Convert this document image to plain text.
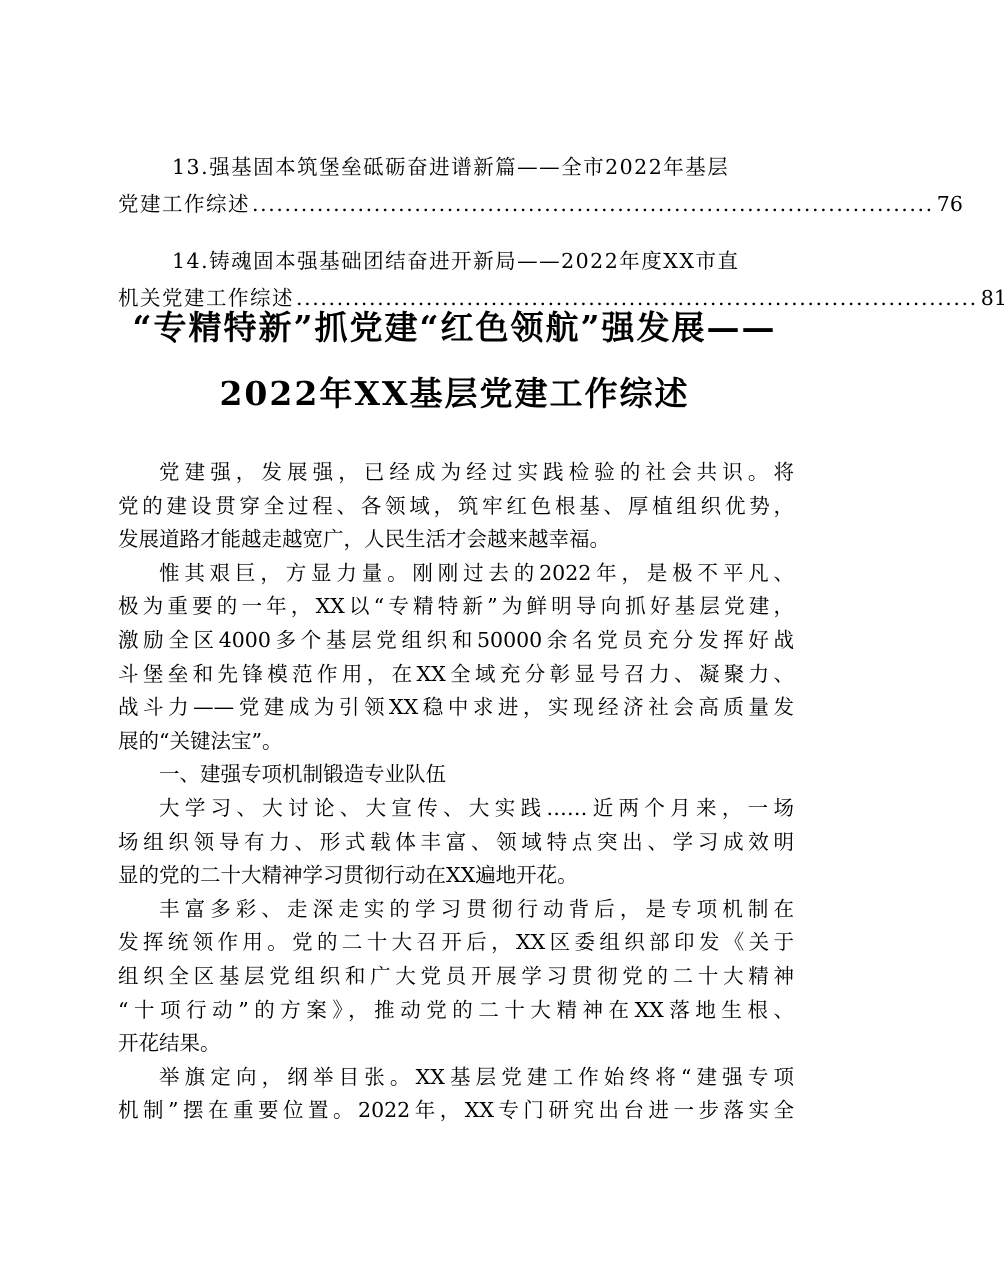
13.强基固本筑堡垒砥砺奋进谱新篇——全市2022年基层
党建工作综述 .................................................................................... 76
14.铸魂固本强基础团结奋进开新局——2022年度XX市直
机关党建工作综述 .................................................................................... 81
“专精特新”抓党建“红色领航”强发展——
2022年XX基层党建工作综述

党建强，发展强，已经成为经过实践检验的社会共识。将

党的建设贯穿全过程、各领域，筑牢红色根基、厚植组织优势，

发展道路才能越走越宽广，人民生活才会越来越幸福。

惟其艰巨，方显力量。刚刚过去的2022年，是极不平凡、

极为重要的一年，XX以“专精特新”为鲜明导向抓好基层党建，

激励全区4000多个基层党组织和50000余名党员充分发挥好战

斗堡垒和先锋模范作用，在XX全域充分彰显号召力、凝聚力、

战斗力——党建成为引领XX稳中求进，实现经济社会高质量发

展的“关键法宝”。

一、建强专项机制锻造专业队伍

大学习、大讨论、大宣传、大实践……近两个月来，一场

场组织领导有力、形式载体丰富、领域特点突出、学习成效明

显的党的二十大精神学习贯彻行动在XX遍地开花。

丰富多彩、走深走实的学习贯彻行动背后，是专项机制在

发挥统领作用。党的二十大召开后，XX区委组织部印发《关于

组织全区基层党组织和广大党员开展学习贯彻党的二十大精神

“十项行动”的方案》，推动党的二十大精神在XX落地生根、

开花结果。

举旗定向，纲举目张。XX基层党建工作始终将“建强专项

机制”摆在重要位置。2022年，XX专门研究出台进一步落实全
